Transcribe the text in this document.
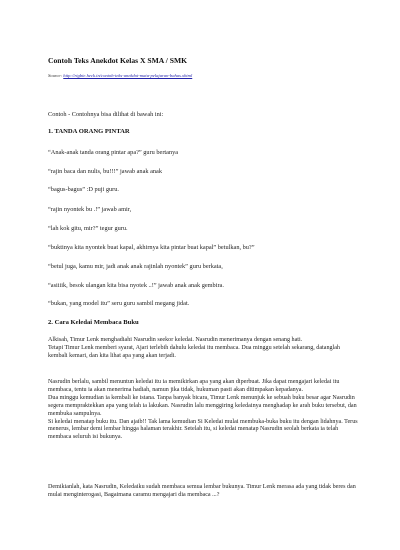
Contoh Teks Anekdot Kelas X SMA / SMK
Source: http://rigbie.heck.in/contoh-teks-anekdot-mata-pelajaran-bahas.xhtml
Contoh - Contohnya bisa dilihat di bawah ini:
1. TANDA ORANG PINTAR
“Anak-anak tanda orang pintar apa?” guru bertanya
“rajin baca dan nulis, bu!!!” jawab anak anak
“bagus-bagus” :D puji guru.
“rajin nyontek bu .!” jawab amir,
“lah kok gitu, mir?” tegur guru.
“buktinya kita nyontek buat kapal, akhirnya kita pintar buat kapal” betulkan, bu?”
“betul juga, kamu mir, jadi anak anak rajinlah nyontek” guru berkata,
“asiiiik, besok ulangan kita bisa nyotek ..!” jawab anak anak gembira.
“bukan, yang model itu” seru guru sambil megang jidat.
2. Cara Keledai Membaca Buku
Alkisah, Timur Lenk menghadiahi Nasrudin seekor keledai. Nasrudin menerimanya dengan senang hati.
Tetapi Timur Lenk memberi syarat, Ajari terlebih dahulu keledai itu membaca. Dua minggu setelah sekarang, datanglah kembali kemari, dan kita lihat apa yang akan terjadi.
Nasrudin berlalu, sambil menuntun keledai itu ia memikirkan apa yang akan diperbuat. Jika dapat mengajari keledai itu membaca, tentu ia akan menerima hadiah, namun jika tidak, hukuman pasti akan ditimpakan kepadanya.
Dua minggu kemudian ia kembali ke istana. Tanpa banyak bicara, Timur Lenk menunjuk ke sebuah buku besar agar Nasrudin segera mempraktekkan apa yang telah ia lakukan. Nasrudin lalu menggiring keledainya menghadap ke arah buku tersebut, dan membuka sampulnya.
Si keledai menatap buku itu. Dan ajaib!! Tak lama kemudian Si Keledai mulai membuka-buka buku itu dengan lidahnya. Terus menerus, lembar demi lembar hingga halaman terakhir. Setelah itu, si keledai menatap Nasrudin seolah berkata ia telah membaca seluruh isi bukunya.
Demikianlah, kata Nasrudin, Keledaiku sudah membaca semua lembar bukunya. Timur Lenk merasa ada yang tidak beres dan mulai menginterogasi, Bagaimana caramu mengajari dia membaca ...?
